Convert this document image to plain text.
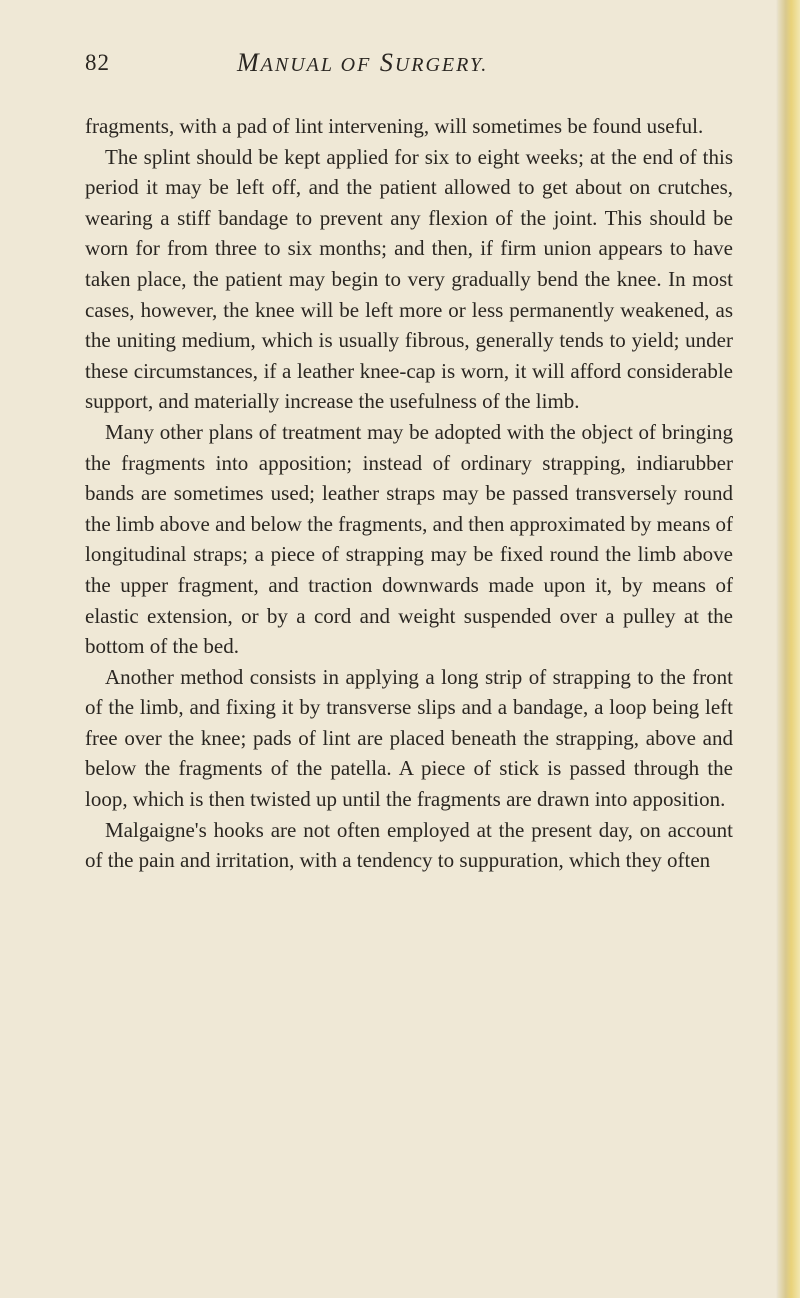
82	MANUAL OF SURGERY.

fragments, with a pad of lint intervening, will sometimes be found useful.

The splint should be kept applied for six to eight weeks; at the end of this period it may be left off, and the patient allowed to get about on crutches, wearing a stiff bandage to prevent any flexion of the joint. This should be worn for from three to six months; and then, if firm union appears to have taken place, the patient may begin to very gradually bend the knee. In most cases, however, the knee will be left more or less permanently weakened, as the uniting medium, which is usually fibrous, generally tends to yield; under these circumstances, if a leather knee-cap is worn, it will afford considerable support, and materially increase the usefulness of the limb.

Many other plans of treatment may be adopted with the object of bringing the fragments into apposition; instead of ordinary strapping, indiarubber bands are sometimes used; leather straps may be passed transversely round the limb above and below the fragments, and then approximated by means of longitudinal straps; a piece of strapping may be fixed round the limb above the upper fragment, and traction downwards made upon it, by means of elastic extension, or by a cord and weight suspended over a pulley at the bottom of the bed.

Another method consists in applying a long strip of strapping to the front of the limb, and fixing it by transverse slips and a bandage, a loop being left free over the knee; pads of lint are placed beneath the strapping, above and below the fragments of the patella. A piece of stick is passed through the loop, which is then twisted up until the fragments are drawn into apposition.

Malgaigne's hooks are not often employed at the present day, on account of the pain and irritation, with a tendency to suppuration, which they often
